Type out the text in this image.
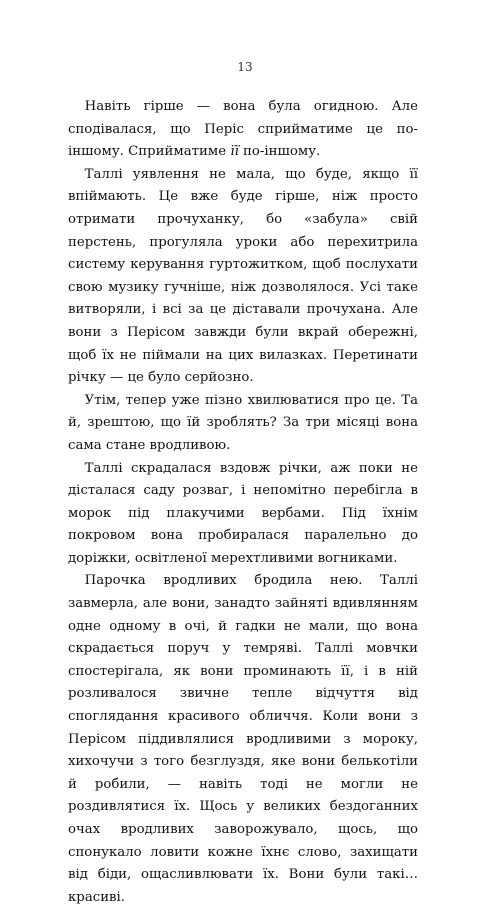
13

Навіть гірше — вона була огидною. Але сподівалася, що Періс сприйматиме це по-іншому. Сприйматиме її по-іншому.

Таллі уявлення не мала, що буде, якщо її впіймають. Це вже буде гірше, ніж просто отримати прочуханку, бо «забула» свій перстень, прогуляла уроки або перехитрила систему керування гуртожитком, щоб послухати свою музику гучніше, ніж дозволялося. Усі таке витворяли, і всі за це діставали прочухана. Але вони з Перісом завжди були вкрай обережні, щоб їх не піймали на цих вилазках. Перетинати річку — це було серйозно.

Утім, тепер уже пізно хвилюватися про це. Та й, зрештою, що їй зроблять? За три місяці вона сама стане вродливою.

Таллі скрадалася вздовж річки, аж поки не дісталася саду розваг, і непомітно перебігла в морок під плакучими вербами. Під їхнім покровом вона пробиралася паралельно до доріжки, освітленої мерехтливими вогниками.

Парочка вродливих бродила нею. Таллі завмерла, але вони, занадто зайняті вдивлянням одне одному в очі, й гадки не мали, що вона скрадається поруч у темряві. Таллі мовчки спостерігала, як вони проминають її, і в ній розливалося звичне тепле відчуття від споглядання красивого обличчя. Коли вони з Перісом піддивлялися вродливими з мороку, хихочучи з того безглуздя, яке вони белькотіли й робили, — навіть тоді не могли не роздивлятися їх. Щось у великих бездоганних очах вродливих заворожувало, щось, що спонукало ловити кожне їхнє слово, захищати від біди, ощасливлювати їх. Вони були такі… красиві.
